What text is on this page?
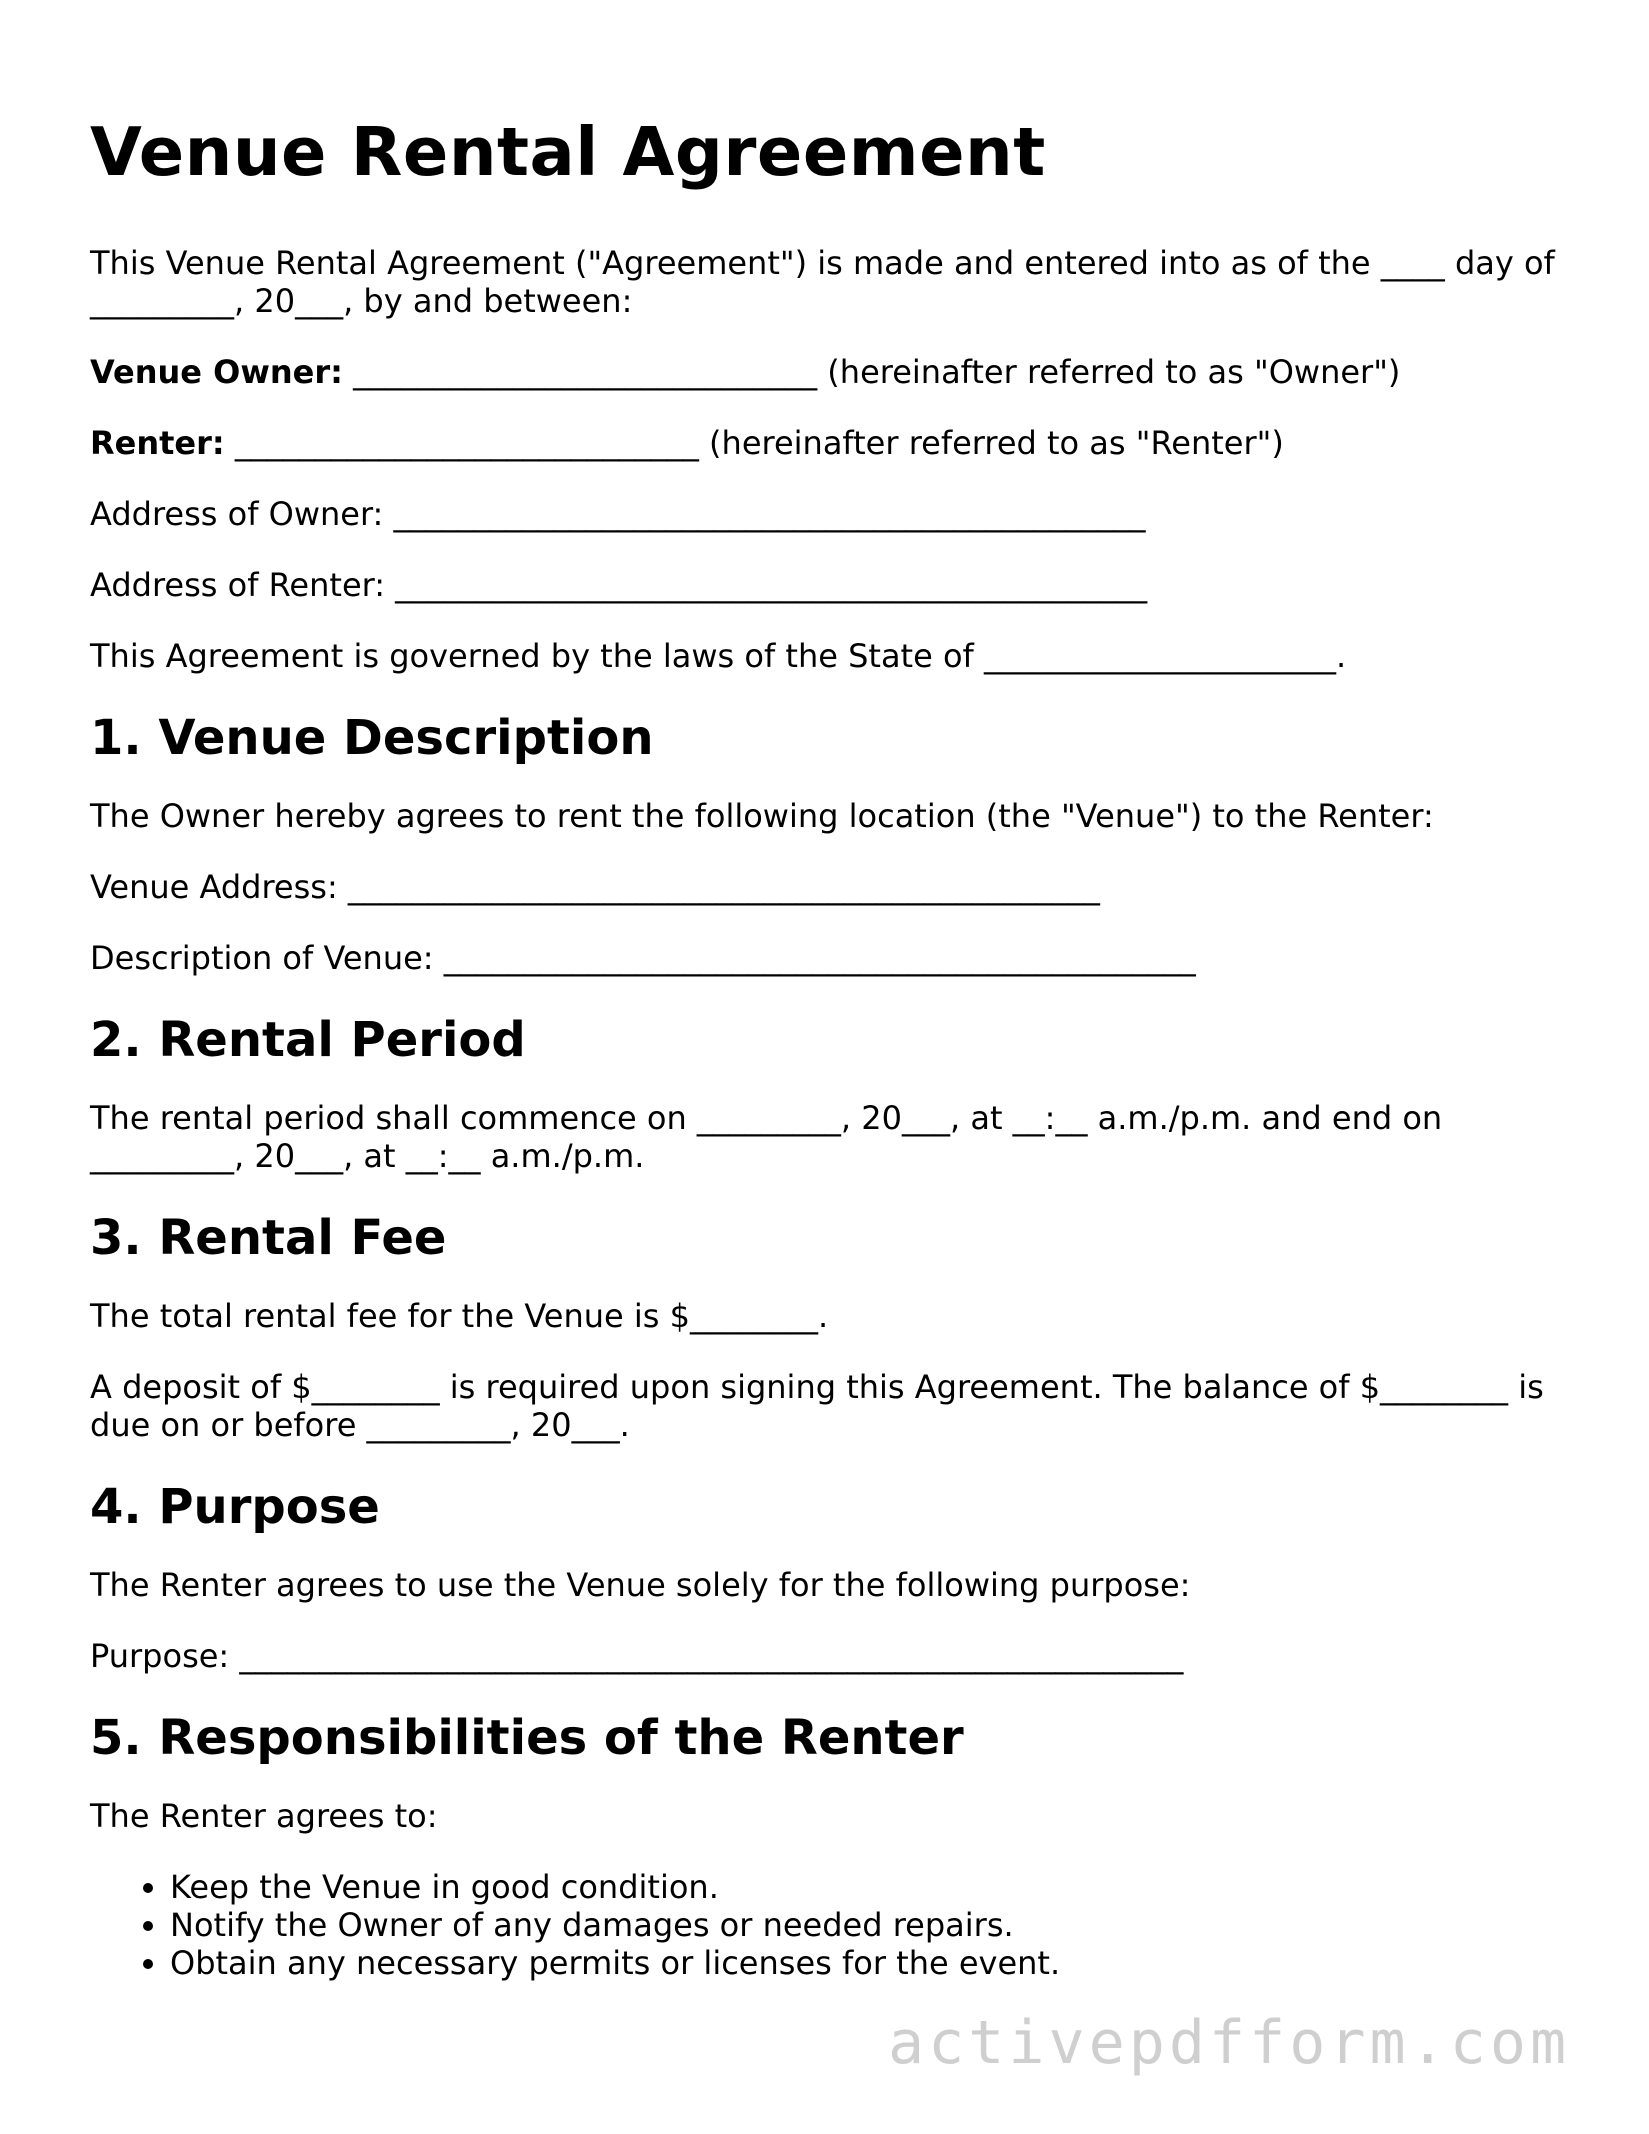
Venue Rental Agreement

This Venue Rental Agreement ("Agreement") is made and entered into as of the ____ day of _________, 20___, by and between:

Venue Owner: _____________________________ (hereinafter referred to as "Owner")

Renter: _____________________________ (hereinafter referred to as "Renter")

Address of Owner: _______________________________________________

Address of Renter: _______________________________________________

This Agreement is governed by the laws of the State of ______________________.

1. Venue Description

The Owner hereby agrees to rent the following location (the "Venue") to the Renter:

Venue Address: _______________________________________________

Description of Venue: _______________________________________________

2. Rental Period

The rental period shall commence on _________, 20___, at __:__ a.m./p.m. and end on _________, 20___, at __:__ a.m./p.m.

3. Rental Fee

The total rental fee for the Venue is $________.

A deposit of $________ is required upon signing this Agreement. The balance of $________ is due on or before _________, 20___.

4. Purpose

The Renter agrees to use the Venue solely for the following purpose:

Purpose: ___________________________________________________________

5. Responsibilities of the Renter

The Renter agrees to:

• Keep the Venue in good condition.
• Notify the Owner of any damages or needed repairs.
• Obtain any necessary permits or licenses for the event.
activepdfform.com
